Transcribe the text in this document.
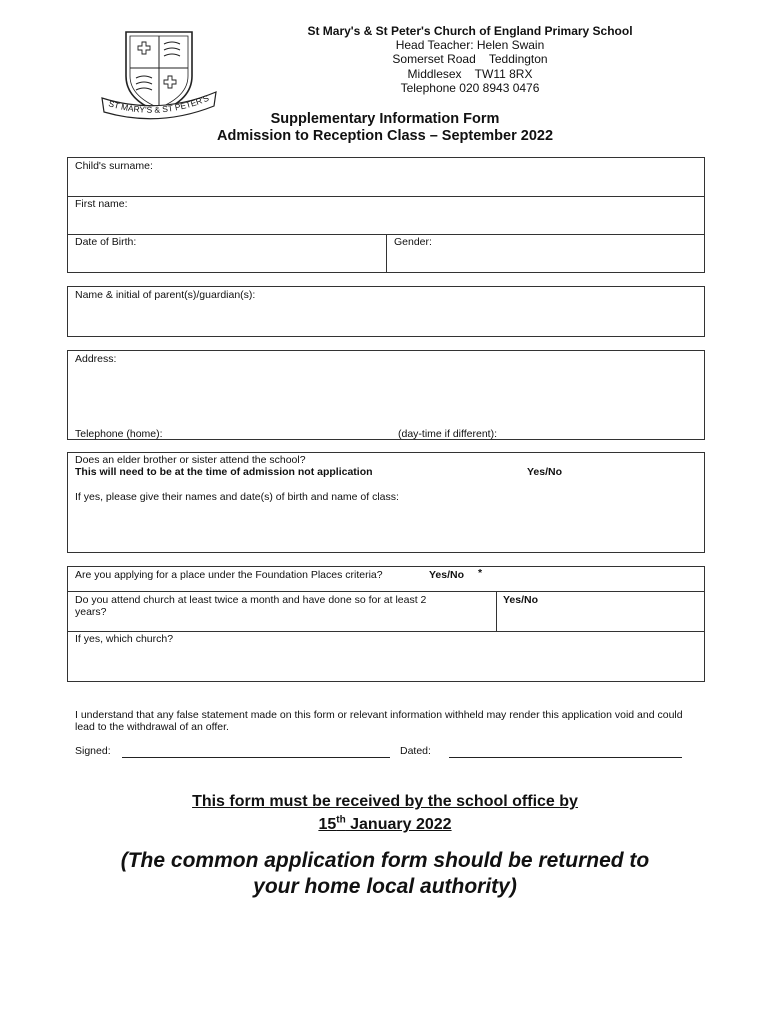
ST MARY'S & ST PETER'S
St Mary's & St Peter's Church of England Primary School
Head Teacher: Helen Swain
Somerset Road    Teddington
Middlesex    TW11 8RX
Telephone 020 8943 0476
Supplementary Information Form
Admission to Reception Class – September 2022
Child's surname:
First name:
Date of Birth:	Gender:
Name & initial of parent(s)/guardian(s):
Address:
Telephone (home):	(day-time if different):
Does an elder brother or sister attend the school?
This will need to be at the time of admission not application	Yes/No
If yes, please give their names and date(s) of birth and name of class:
Are you applying for a place under the Foundation Places criteria?	Yes/No *
Do you attend church at least twice a month and have done so for at least 2
years?
Yes/No
If yes, which church?
I understand that any false statement made on this form or relevant information withheld may render this application void and could lead to the withdrawal of an offer.
Signed:	Dated:
This form must be received by the school office by
15th January 2022
(The common application form should be returned to
your home local authority)
